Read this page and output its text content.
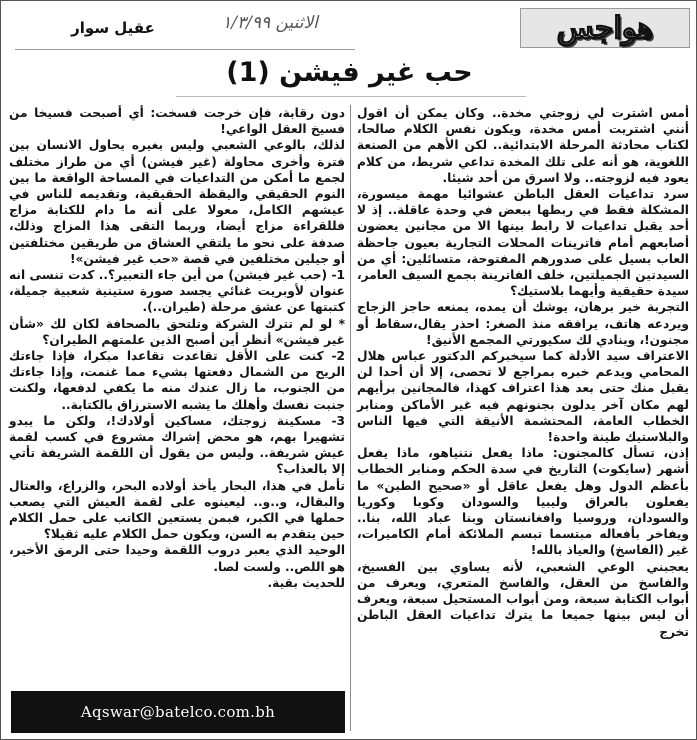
هواجس
الاثنين ١/٣/٩٩
عقيل سوار
حب غير فيشن (1)

أمس اشترت لي زوجتي مخدة.. وكان يمكن أن اقول أنني اشتريت أمس مخدة، ويكون نفس الكلام صالحا، لكتاب محادثة المرحلة الابتدائية.. لكن الأهم من الصنعة اللغوية، هو أنه على تلك المخدة تداعي شريط، من كلام يعود فيه لزوجته.. ولا اسرق من أحد شيئا.

سرد تداعيات العقل الباطن عشوائيا مهمة ميسورة، المشكلة فقط في ربطها ببعض في وحدة عاقلة.. إذ لا أحد يقبل تداعيات لا رابط بينها الا من مجانين يعضون أصابعهم أمام فاترينات المحلات التجارية بعيون جاحظة العاب بسيل على صدورهم المفتوحة، متسائلين: أي من السيدتين الجميلتين، خلف الفاترينة بجمع السيف العامر، سيدة حقيقية وأيهما بلاستيك؟

التجربة خير برهان، يوشك أن يمده، يمنعه حاجز الزجاج ويردعه هاتف، يرافقه منذ الصغر: احذر يقال،سقاط أو مجنون!، وينادي لك سكيورتي المجمع الأنيق!

الاعتراف سيد الأدلة كما سيخبركم الدكتور عباس هلال المحامي ويدعم خبره بمراجع لا تحصى، إلا أن أحدا لن يقبل منك حتى بعد هذا اعتراف كهذا، فالمجانين برأيهم لهم مكان آخر يدلون بجنونهم فيه غير الأماكن ومنابر الخطاب العامة، المحتشمة الأنيقة التي فيها الناس والبلاستيك طينة واحدة!

إذن، تسأل كالمجنون: ماذا يفعل نتنياهو، ماذا يفعل أشهر (سايكوت) التاريخ في سدة الحكم ومنابر الخطاب بأعظم الدول وهل يفعل عاقل أو «صحيح الطين» ما يفعلون بالعراق وليبيا والسودان وكوبا وكوريا والسودان، وروسيا وافغانستان وبنا عباد الله، بنا.. ويفاخر بأفعاله مبتسما تبسم الملائكة أمام الكاميرات، غير (الفاسخ) والعياذ بالله!

يعجبني الوعي الشعبي، لأنه يساوي بين الفسيخ، والفاسخ من العقل، والفاسخ المتعري، ويعرف من أبواب الكتابة سبعة، ومن أبواب المستحيل سبعة، ويعرف أن ليس بينها جميعا ما يترك تداعيات العقل الباطن تخرج

دون رقابة، فإن خرجت فسخت: أي أصبحت فسيخا من فسيخ العقل الواعي!

لذلك، بالوعي الشعبي وليس بغيره يحاول الانسان بين فترة وأخرى محاولة (غير فيشن) أي من طراز مختلف لجمع ما أمكن من التداعيات في المساحة الواقعة ما بين النوم الحقيقي واليقظة الحقيقية، وتقديمه للناس في عيشهم الكامل، معولا على أنه ما دام للكتابة مزاج فللقراءة مزاج أيضا، وربما التقى هذا المزاج وذلك، صدفة على نحو ما يلتقي العشاق من طريقين مختلفتين أو جيلين مختلفين في قصة «حب غير فيشن»!

1- (حب غير فيشن) من أين جاء التعبير؟.. كدت تنسى انه عنوان لأوبريت غنائي يجسد صورة ستينية شعبية جميلة، كتبتها عن عشق مرحلة (طيران..).

* لو لم تترك الشركة وتلتحق بالصحافة لكان لك «شأن غير فيشن» أنظر أين أصبح الذين علمتهم الطيران؟

2- كنت على الأقل تقاعدت تقاعدا مبكرا، فإذا جاءتك الريح من الشمال دفعتها بشيء مما غنمت، وإذا جاءتك من الجنوب، ما زال عندك منه ما يكفي لدفعها، ولكنت جنبت نفسك وأهلك ما يشبه الاسترزاق بالكتابة..

3- مسكينة زوجتك، مساكين أولادك!، ولكن ما يبدو تشهيرا بهم، هو محض إشراك مشروع في كسب لقمة عيش شريفة.. وليس من يقول أن اللقمة الشريفة تأتي إلا بالعذاب؟

تأمل في هذا، البحار يأخذ أولاده البحر، والزراع، والعتال والبقال، و..و.. ليعينوه على لقمة العيش التي يصعب حملها في الكبر، فبمن يستعين الكاتب على حمل الكلام حين يتقدم به السن، ويكون حمل الكلام عليه ثقيلا؟

الوحيد الذي يعبر دروب اللقمة وحيدا حتى الرمق الأخير، هو اللص.. ولست لصا.

للحديث بقية.

Aqswar@batelco.com.bh
